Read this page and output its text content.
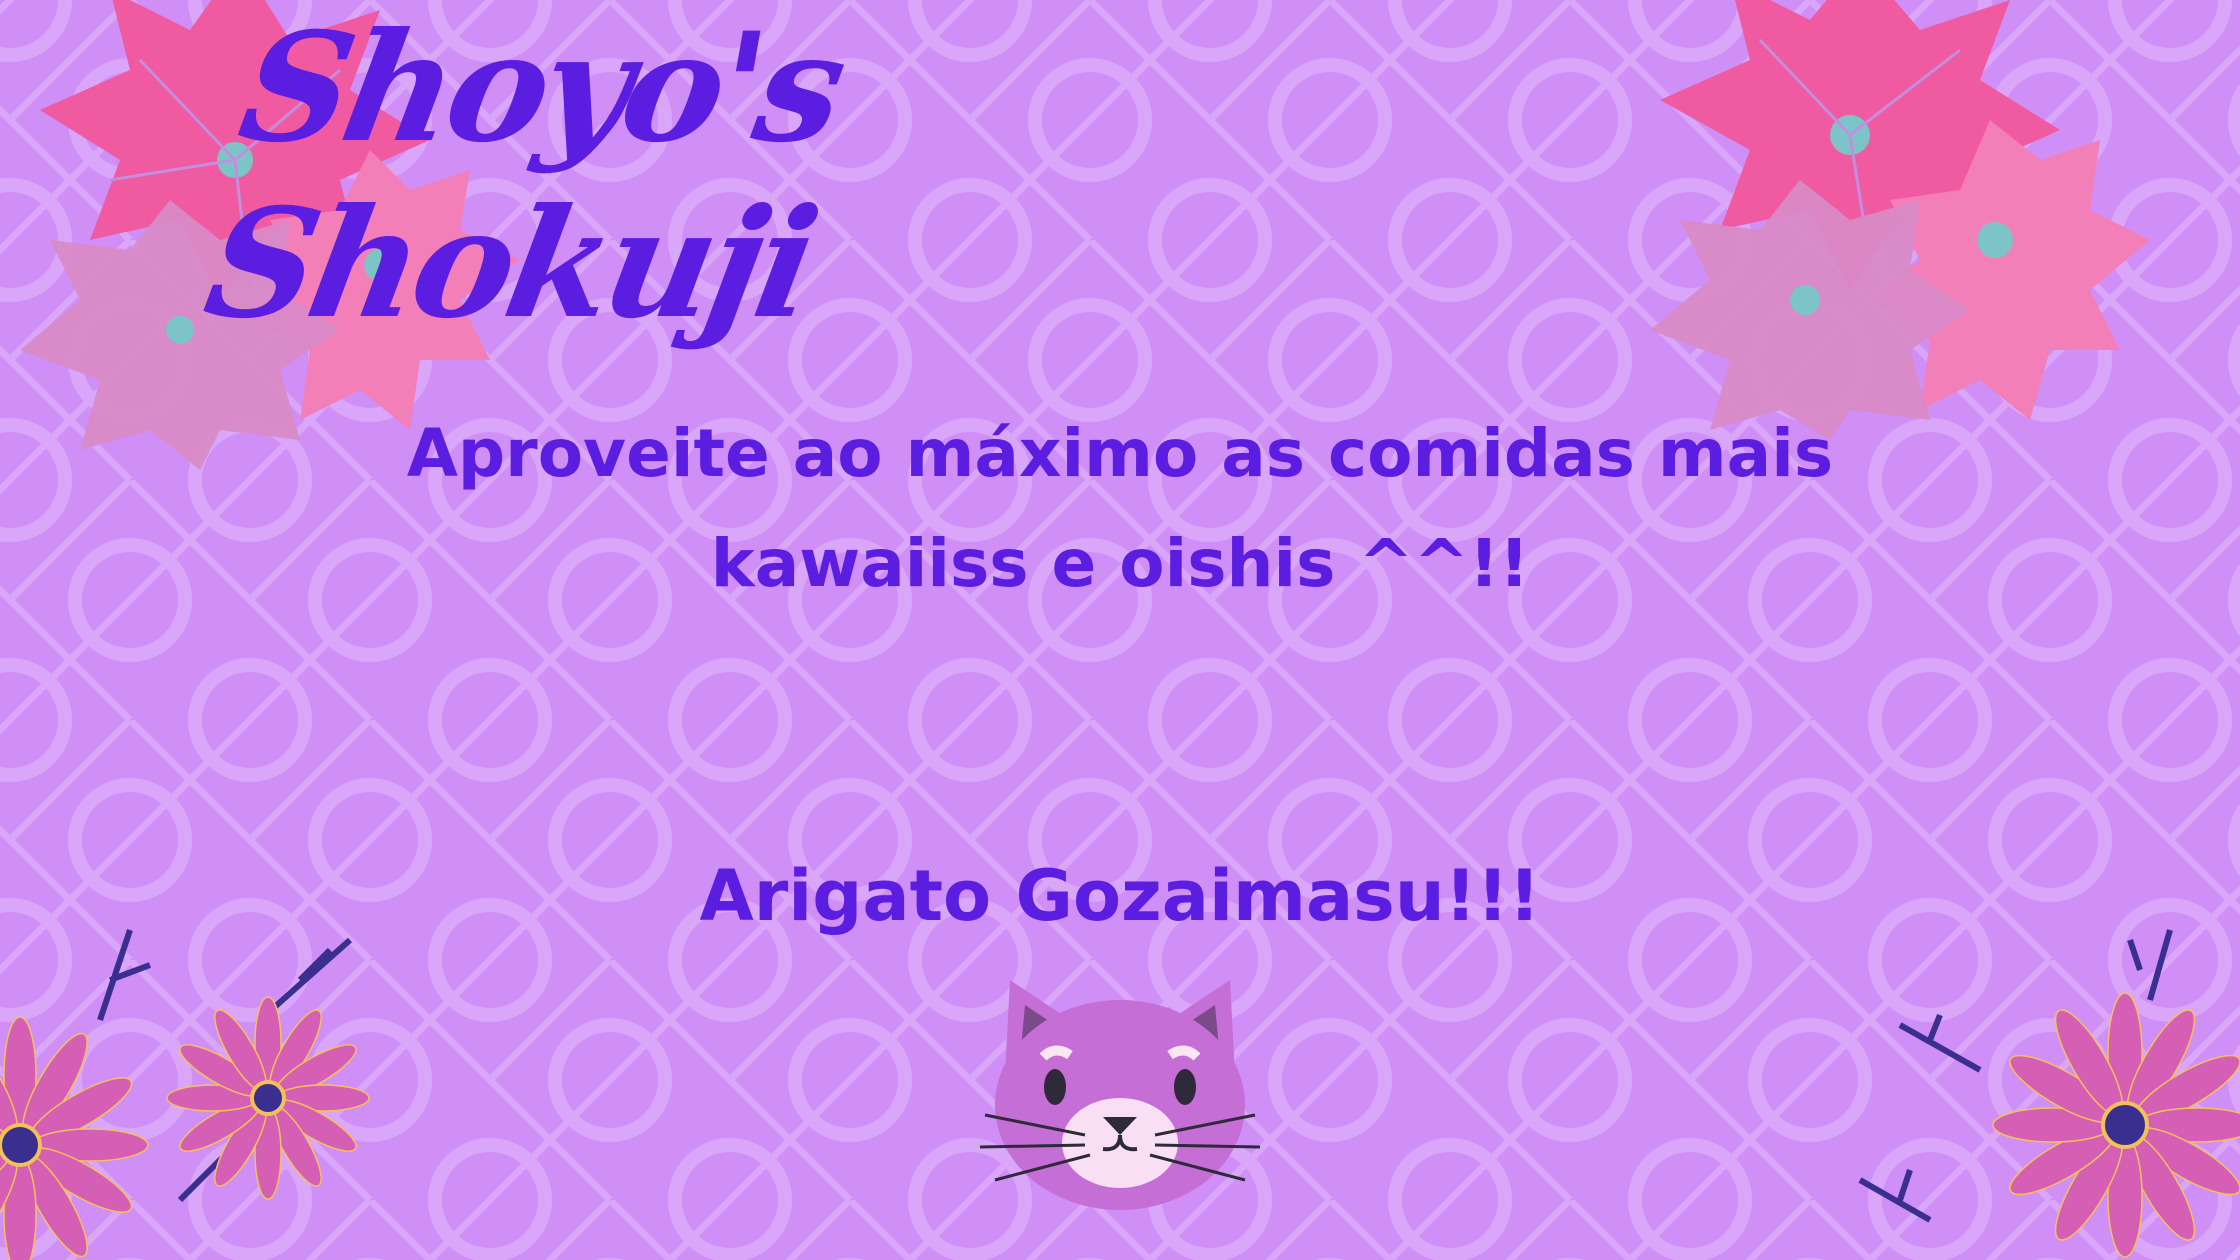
Shoyo's Shokuji
Aproveite ao máximo as comidas mais
kawaiiss e oishis ^^!!
Arigato Gozaimasu!!!
